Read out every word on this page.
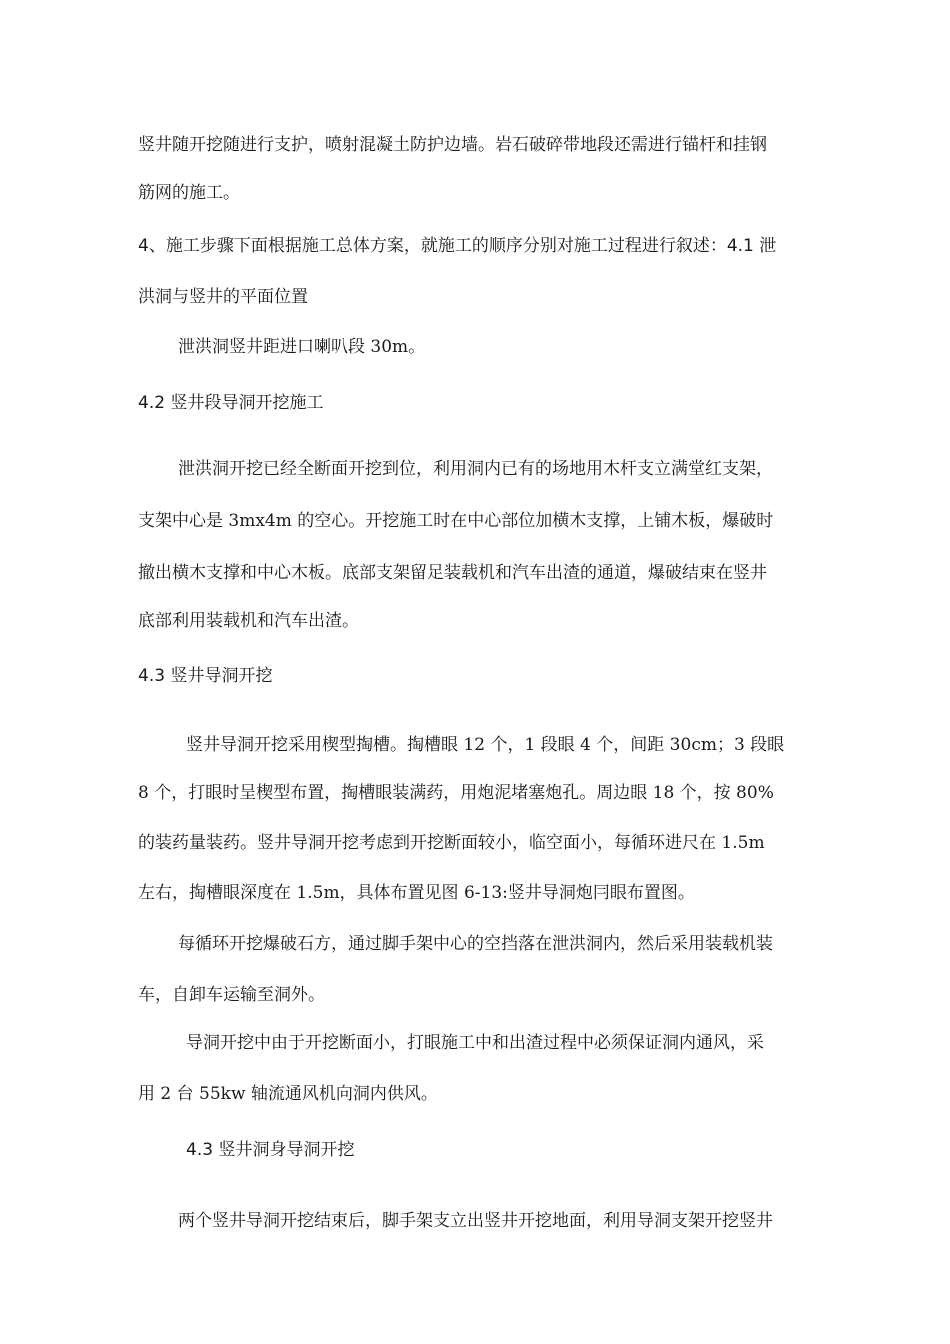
竖井随开挖随进行支护，喷射混凝土防护边墙。岩石破碎带地段还需进行锚杆和挂钢
筋网的施工。
4、施工步骤下面根据施工总体方案，就施工的顺序分别对施工过程进行叙述：4.1 泄
洪洞与竖井的平面位置
泄洪洞竖井距进口喇叭段 30m。
4.2 竖井段导洞开挖施工
泄洪洞开挖已经全断面开挖到位，利用洞内已有的场地用木杆支立满堂红支架，
支架中心是 3mx4m 的空心。开挖施工时在中心部位加横木支撑，上铺木板，爆破时
撤出横木支撑和中心木板。底部支架留足装载机和汽车出渣的通道，爆破结束在竖井
底部利用装载机和汽车出渣。
4.3 竖井导洞开挖
竖井导洞开挖采用楔型掏槽。掏槽眼 12 个，1 段眼 4 个，间距 30cm；3 段眼
8 个，打眼时呈楔型布置，掏槽眼装满药，用炮泥堵塞炮孔。周边眼 18 个，按 80%
的装药量装药。竖井导洞开挖考虑到开挖断面较小，临空面小，每循环进尺在 1.5m
左右，掏槽眼深度在 1.5m，具体布置见图 6-13:竖井导洞炮冃眼布置图。
每循环开挖爆破石方，通过脚手架中心的空挡落在泄洪洞内，然后采用装载机装
车，自卸车运输至洞外。
导洞开挖中由于开挖断面小，打眼施工中和出渣过程中必须保证洞内通风，采
用 2 台 55kw 轴流通风机向洞内供风。
4.3 竖井洞身导洞开挖
两个竖井导洞开挖结束后，脚手架支立出竖井开挖地面，利用导洞支架开挖竖井
